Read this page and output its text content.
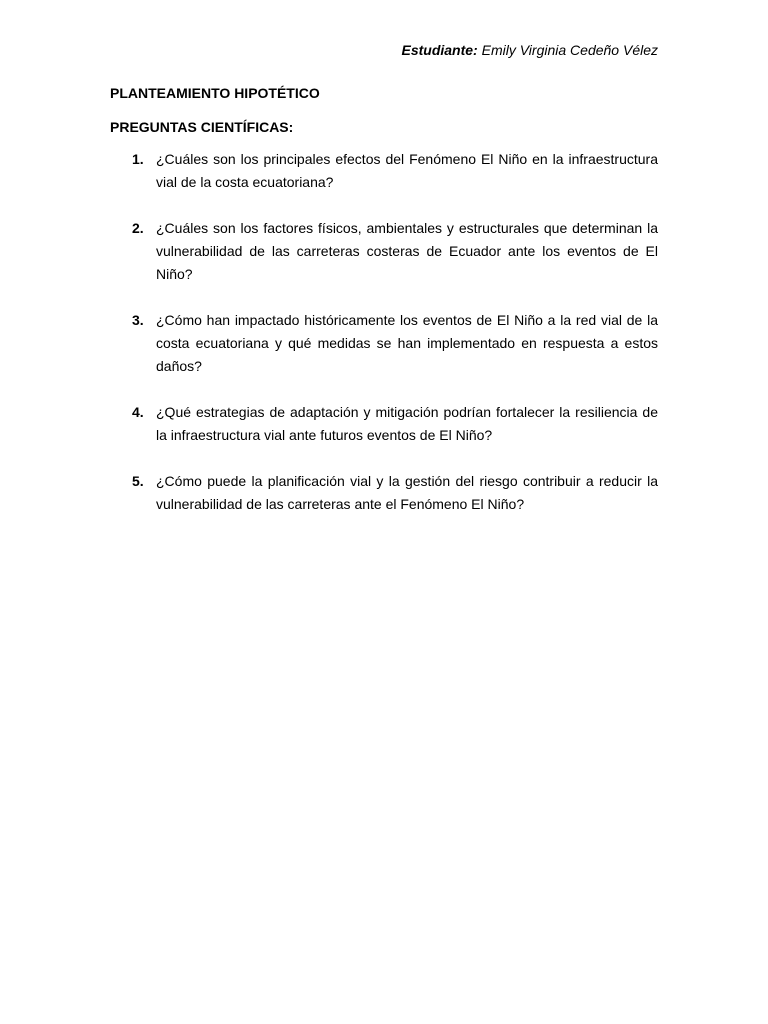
Estudiante: Emily Virginia Cedeño Vélez
PLANTEAMIENTO HIPOTÉTICO
PREGUNTAS CIENTÍFICAS:
1. ¿Cuáles son los principales efectos del Fenómeno El Niño en la infraestructura vial de la costa ecuatoriana?
2. ¿Cuáles son los factores físicos, ambientales y estructurales que determinan la vulnerabilidad de las carreteras costeras de Ecuador ante los eventos de El Niño?
3. ¿Cómo han impactado históricamente los eventos de El Niño a la red vial de la costa ecuatoriana y qué medidas se han implementado en respuesta a estos daños?
4. ¿Qué estrategias de adaptación y mitigación podrían fortalecer la resiliencia de la infraestructura vial ante futuros eventos de El Niño?
5. ¿Cómo puede la planificación vial y la gestión del riesgo contribuir a reducir la vulnerabilidad de las carreteras ante el Fenómeno El Niño?
